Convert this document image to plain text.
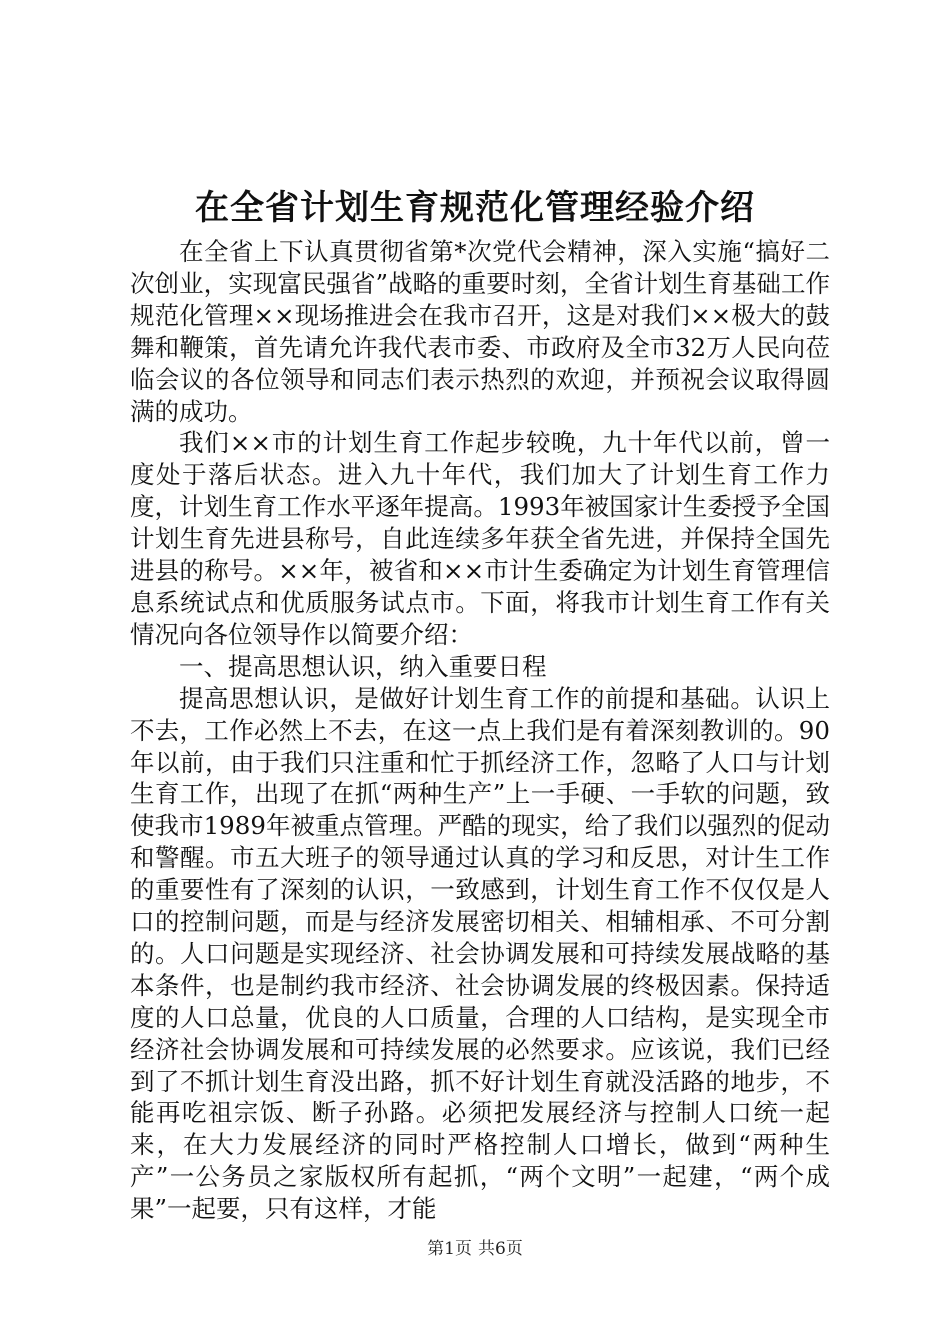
在全省计划生育规范化管理经验介绍

在全省上下认真贯彻省第*次党代会精神，深入实施“搞好二次创业，实现富民强省”战略的重要时刻，全省计划生育基础工作规范化管理××现场推进会在我市召开，这是对我们××极大的鼓舞和鞭策，首先请允许我代表市委、市政府及全市32万人民向莅临会议的各位领导和同志们表示热烈的欢迎，并预祝会议取得圆满的成功。

我们××市的计划生育工作起步较晚，九十年代以前，曾一度处于落后状态。进入九十年代，我们加大了计划生育工作力度，计划生育工作水平逐年提高。1993年被国家计生委授予全国计划生育先进县称号，自此连续多年获全省先进，并保持全国先进县的称号。××年，被省和××市计生委确定为计划生育管理信息系统试点和优质服务试点市。下面，将我市计划生育工作有关情况向各位领导作以简要介绍：

一、提高思想认识，纳入重要日程

提高思想认识，是做好计划生育工作的前提和基础。认识上不去，工作必然上不去，在这一点上我们是有着深刻教训的。90年以前，由于我们只注重和忙于抓经济工作，忽略了人口与计划生育工作，出现了在抓“两种生产”上一手硬、一手软的问题，致使我市1989年被重点管理。严酷的现实，给了我们以强烈的促动和警醒。市五大班子的领导通过认真的学习和反思，对计生工作的重要性有了深刻的认识，一致感到，计划生育工作不仅仅是人口的控制问题，而是与经济发展密切相关、相辅相承、不可分割的。人口问题是实现经济、社会协调发展和可持续发展战略的基本条件，也是制约我市经济、社会协调发展的终极因素。保持适度的人口总量，优良的人口质量，合理的人口结构，是实现全市经济社会协调发展和可持续发展的必然要求。应该说，我们已经到了不抓计划生育没出路，抓不好计划生育就没活路的地步，不能再吃祖宗饭、断子孙路。必须把发展经济与控制人口统一起来，在大力发展经济的同时严格控制人口增长，做到“两种生产”一公务员之家版权所有起抓，“两个文明”一起建，“两个成果”一起要，只有这样，才能

第1页 共6页
